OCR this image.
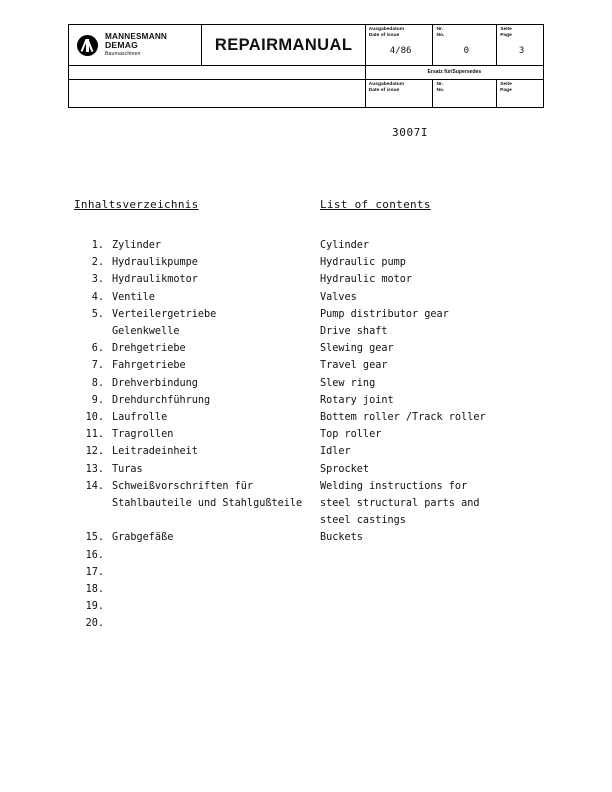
MANNESMANN
DEMAG
Baumaschinen
REPAIRMANUAL
Ausgabedatum
Date of issue
4/86
Nr.
No.
0
Seite
Page
3
Ersatz für/Supersedes
Ausgabedatum
Date of issue
Nr.
No.
Seite
Page
3007I
Inhaltsverzeichnis
1. Zylinder
2. Hydraulikpumpe
3. Hydraulikmotor
4. Ventile
5. Verteilergetriebe
Gelenkwelle
6. Drehgetriebe
7. Fahrgetriebe
8. Drehverbindung
9. Drehdurchführung
10. Laufrolle
11. Tragrollen
12. Leitradeinheit
13. Turas
14. Schweißvorschriften für
Stahlbauteile und Stahlgußteile
15. Grabgefäße
16.
17.
18.
19.
20.
List of contents
Cylinder
Hydraulic pump
Hydraulic motor
Valves
Pump distributor gear
Drive shaft
Slewing gear
Travel gear
Slew ring
Rotary joint
Bottem roller /Track roller
Top roller
Idler
Sprocket
Welding instructions for
steel structural parts and
steel castings
Buckets
